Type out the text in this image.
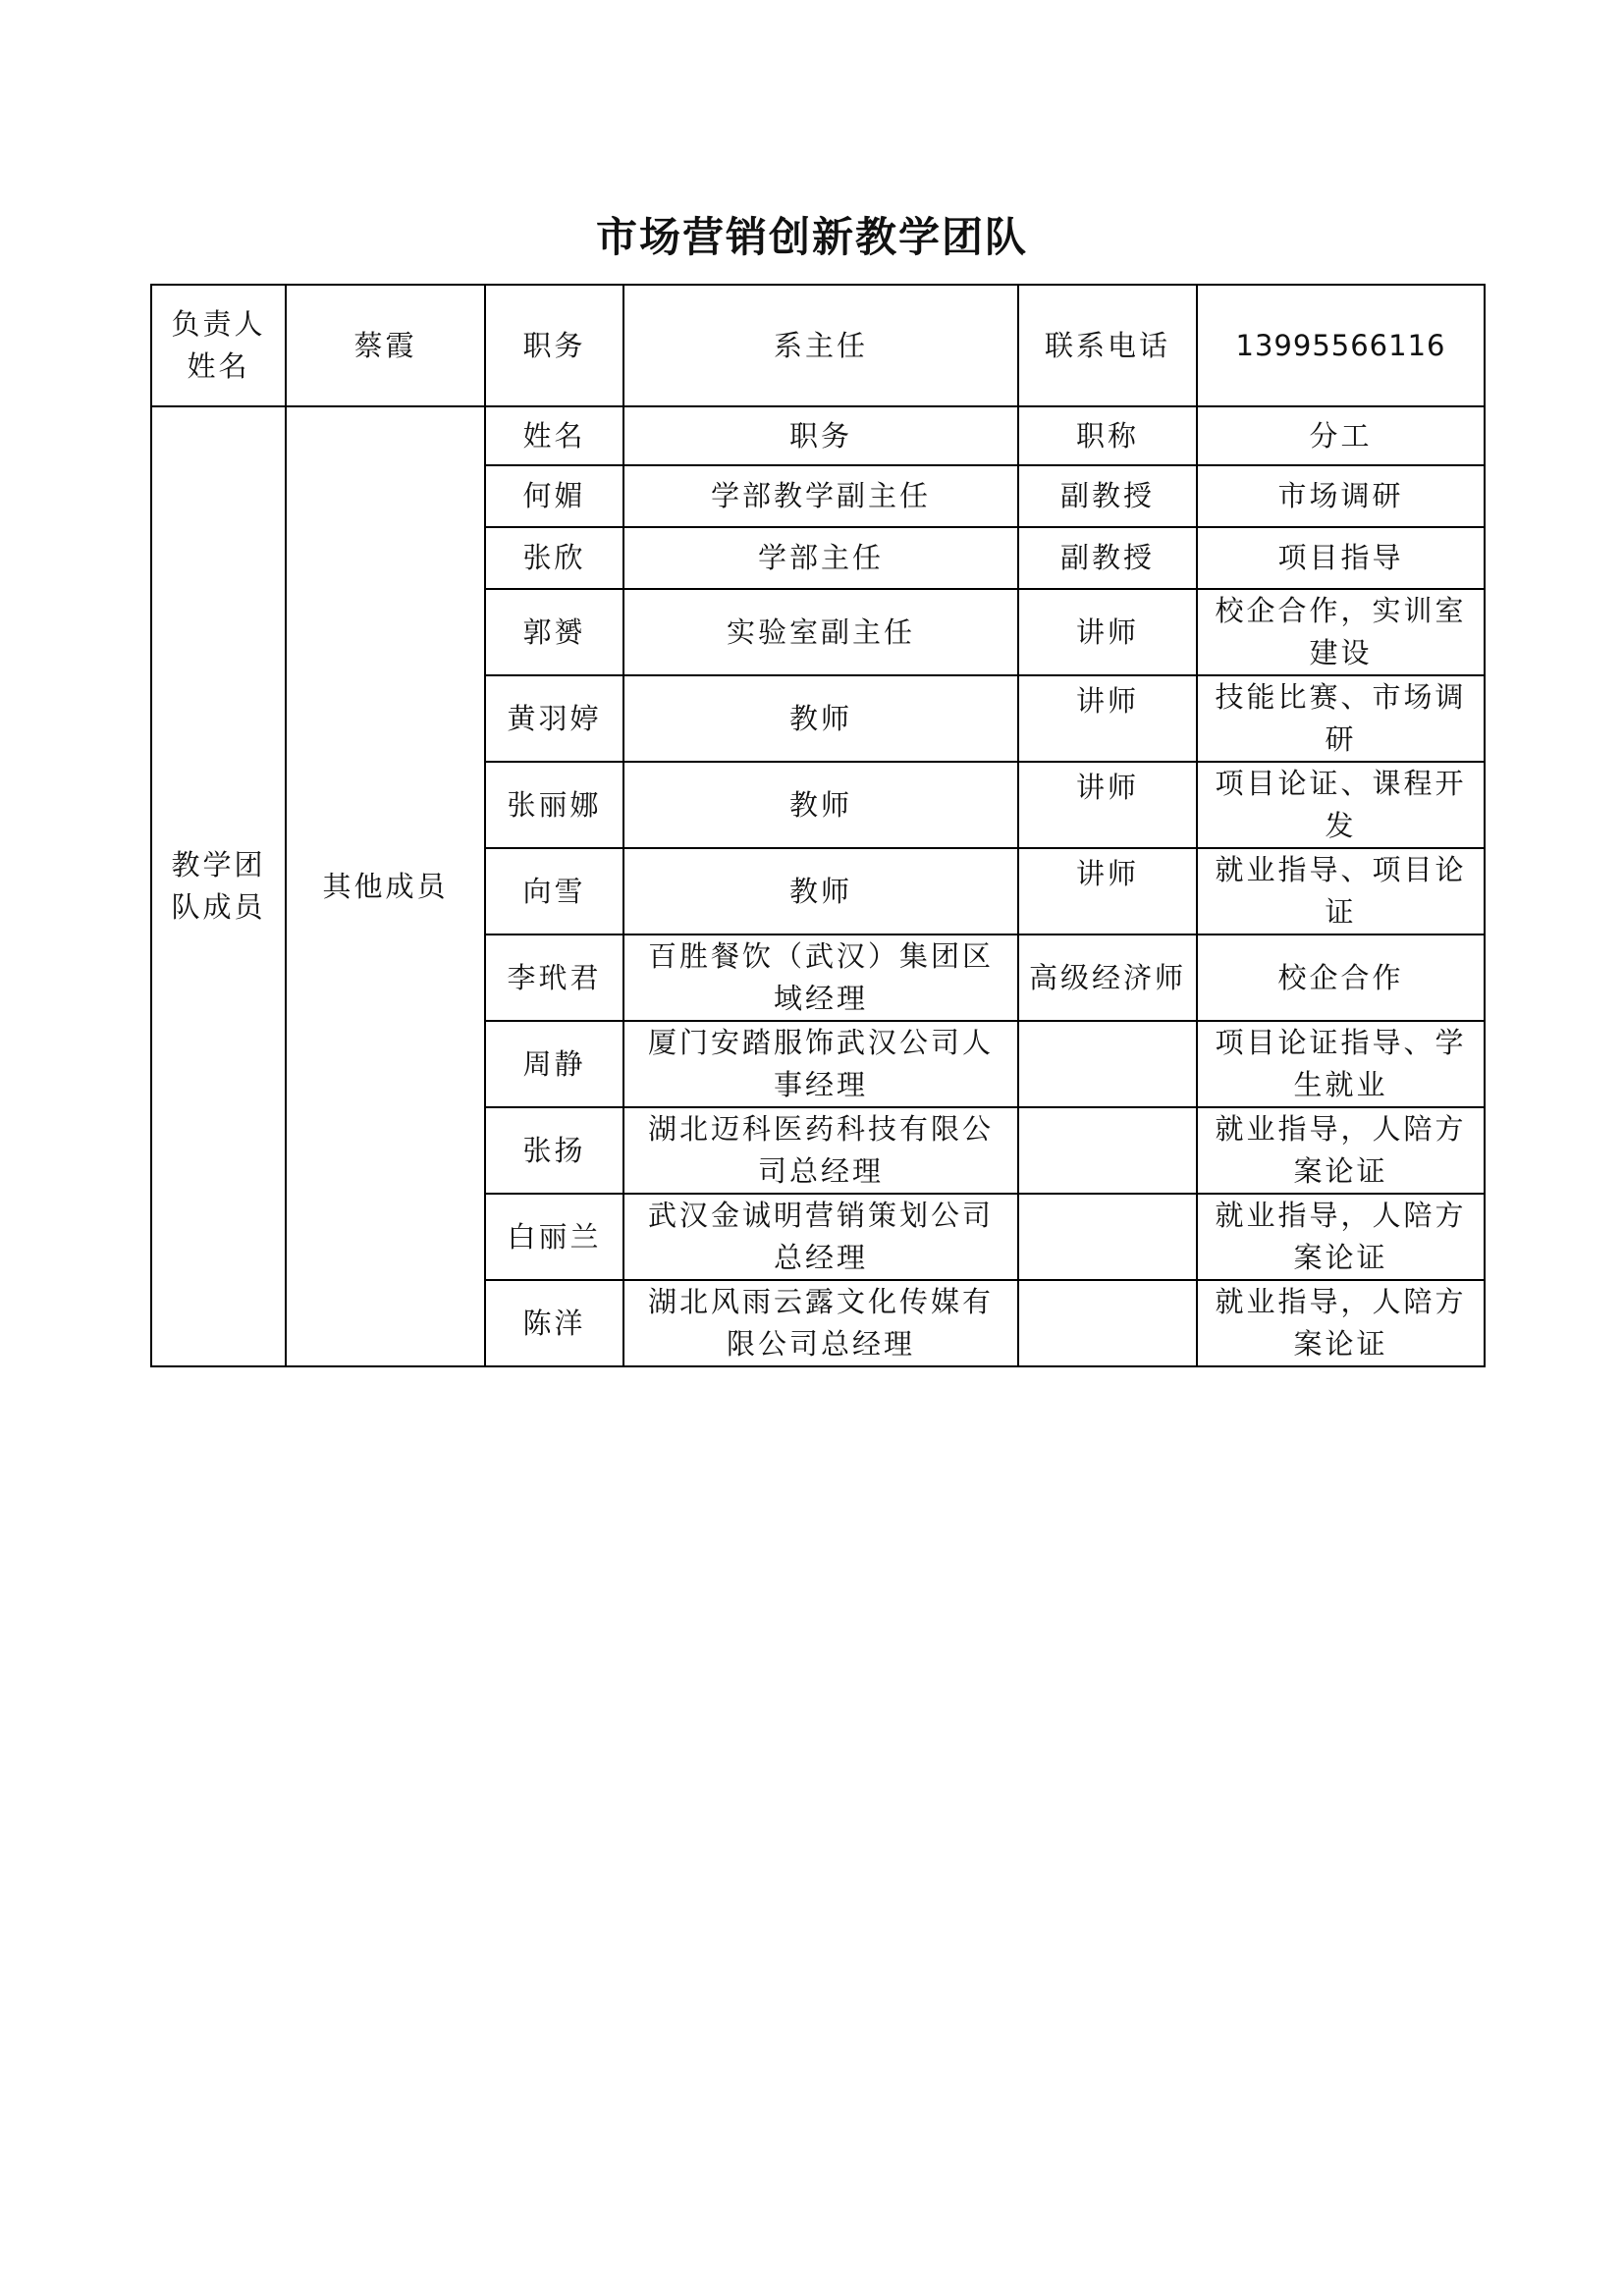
市场营销创新教学团队
负责人姓名	蔡霞	职务	系主任	联系电话	13995566116
教学团队成员	其他成员	姓名	职务	职称	分工
		何媚	学部教学副主任	副教授	市场调研
		张欣	学部主任	副教授	项目指导
		郭赟	实验室副主任	讲师	校企合作，实训室建设
		黄羽婷	教师	讲师	技能比赛、市场调研
		张丽娜	教师	讲师	项目论证、课程开发
		向雪	教师	讲师	就业指导、项目论证
		李玳君	百胜餐饮（武汉）集团区域经理	高级经济师	校企合作
		周静	厦门安踏服饰武汉公司人事经理		项目论证指导、学生就业
		张扬	湖北迈科医药科技有限公司总经理		就业指导，人陪方案论证
		白丽兰	武汉金诚明营销策划公司总经理		就业指导，人陪方案论证
		陈洋	湖北风雨云露文化传媒有限公司总经理		就业指导，人陪方案论证
